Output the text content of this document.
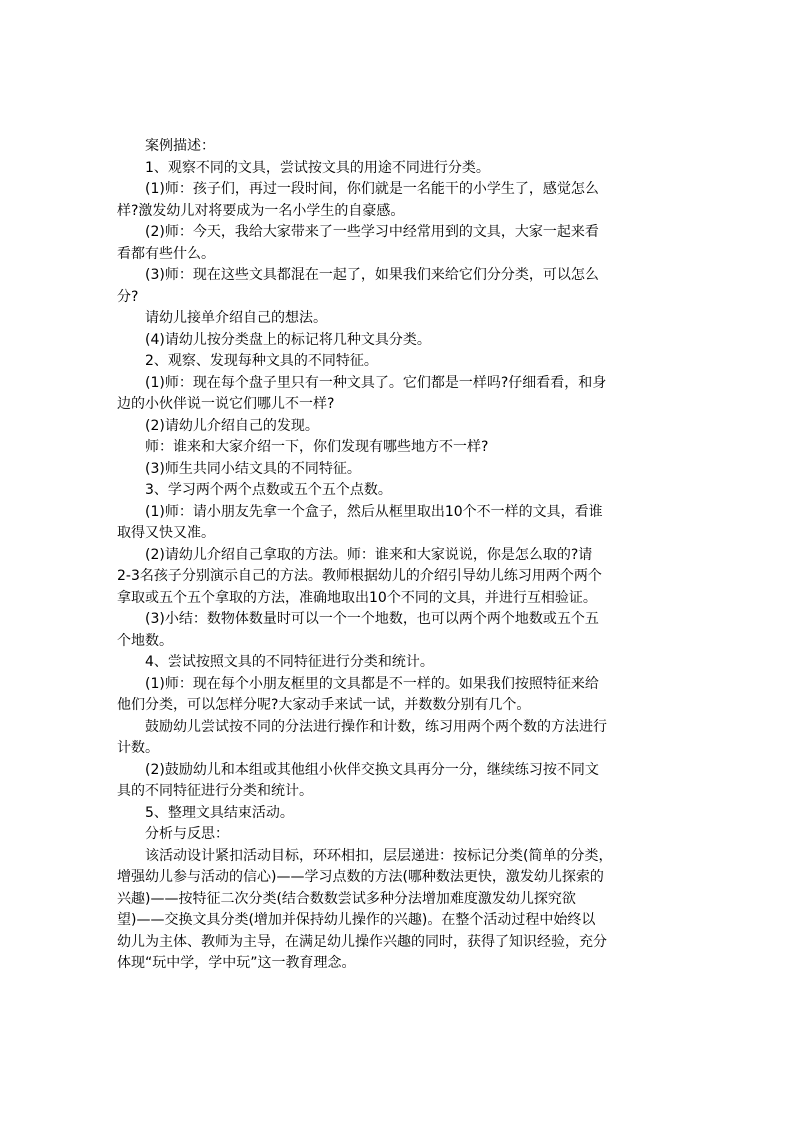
案例描述：
1、观察不同的文具，尝试按文具的用途不同进行分类。
(1)师：孩子们，再过一段时间，你们就是一名能干的小学生了，感觉怎么
样?激发幼儿对将要成为一名小学生的自豪感。
(2)师：今天，我给大家带来了一些学习中经常用到的文具，大家一起来看
看都有些什么。
(3)师：现在这些文具都混在一起了，如果我们来给它们分分类，可以怎么
分?
请幼儿接单介绍自己的想法。
(4)请幼儿按分类盘上的标记将几种文具分类。
2、观察、发现每种文具的不同特征。
(1)师：现在每个盘子里只有一种文具了。它们都是一样吗?仔细看看，和身
边的小伙伴说一说它们哪儿不一样?
(2)请幼儿介绍自己的发现。
师：谁来和大家介绍一下，你们发现有哪些地方不一样?
(3)师生共同小结文具的不同特征。
3、学习两个两个点数或五个五个点数。
(1)师：请小朋友先拿一个盒子，然后从框里取出10个不一样的文具，看谁
取得又快又准。
(2)请幼儿介绍自己拿取的方法。师：谁来和大家说说，你是怎么取的?请
2-3名孩子分别演示自己的方法。教师根据幼儿的介绍引导幼儿练习用两个两个
拿取或五个五个拿取的方法，准确地取出10个不同的文具，并进行互相验证。
(3)小结：数物体数量时可以一个一个地数，也可以两个两个地数或五个五
个地数。
4、尝试按照文具的不同特征进行分类和统计。
(1)师：现在每个小朋友框里的文具都是不一样的。如果我们按照特征来给
他们分类，可以怎样分呢?大家动手来试一试，并数数分别有几个。
鼓励幼儿尝试按不同的分法进行操作和计数，练习用两个两个数的方法进行
计数。
(2)鼓励幼儿和本组或其他组小伙伴交换文具再分一分，继续练习按不同文
具的不同特征进行分类和统计。
5、整理文具结束活动。
分析与反思：
该活动设计紧扣活动目标，环环相扣，层层递进：按标记分类(简单的分类，
增强幼儿参与活动的信心)——学习点数的方法(哪种数法更快，激发幼儿探索的
兴趣)——按特征二次分类(结合数数尝试多种分法增加难度激发幼儿探究欲
望)——交换文具分类(增加并保持幼儿操作的兴趣)。在整个活动过程中始终以
幼儿为主体、教师为主导，在满足幼儿操作兴趣的同时，获得了知识经验，充分
体现“玩中学，学中玩”这一教育理念。
